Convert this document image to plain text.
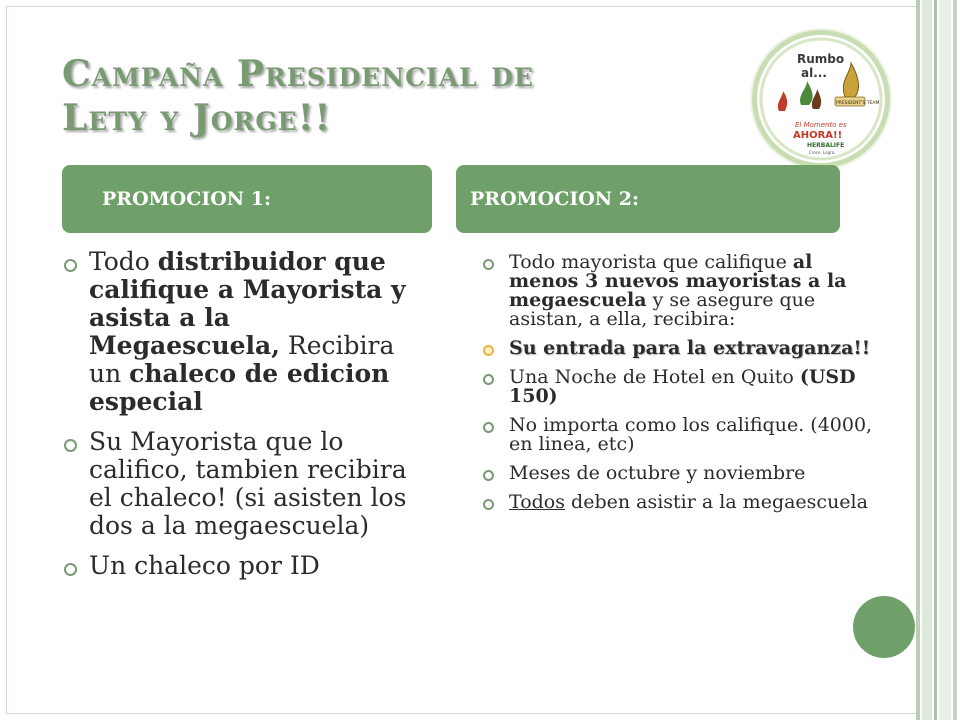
Campaña Presidencial de
Lety y Jorge!!
Rumbo
al...
PRESIDENT'S TEAM
El Momento es
AHORA!!
HERBALIFE
Crece. Logra.
PROMOCION 1:	PROMOCION 2:
Todo distribuidor que califique a Mayorista y asista a la Megaescuela, Recibira un chaleco de edicion especial
Su Mayorista que lo califico, tambien recibira el chaleco! (si asisten los dos a la megaescuela)
Un chaleco por ID
Todo mayorista que califique al menos 3 nuevos mayoristas a la megaescuela y se asegure que asistan, a ella, recibira:
Su entrada para la extravaganza!!
Una Noche de Hotel en Quito (USD 150)
No importa como los califique. (4000, en linea, etc)
Meses de octubre y noviembre
Todos deben asistir a la megaescuela
